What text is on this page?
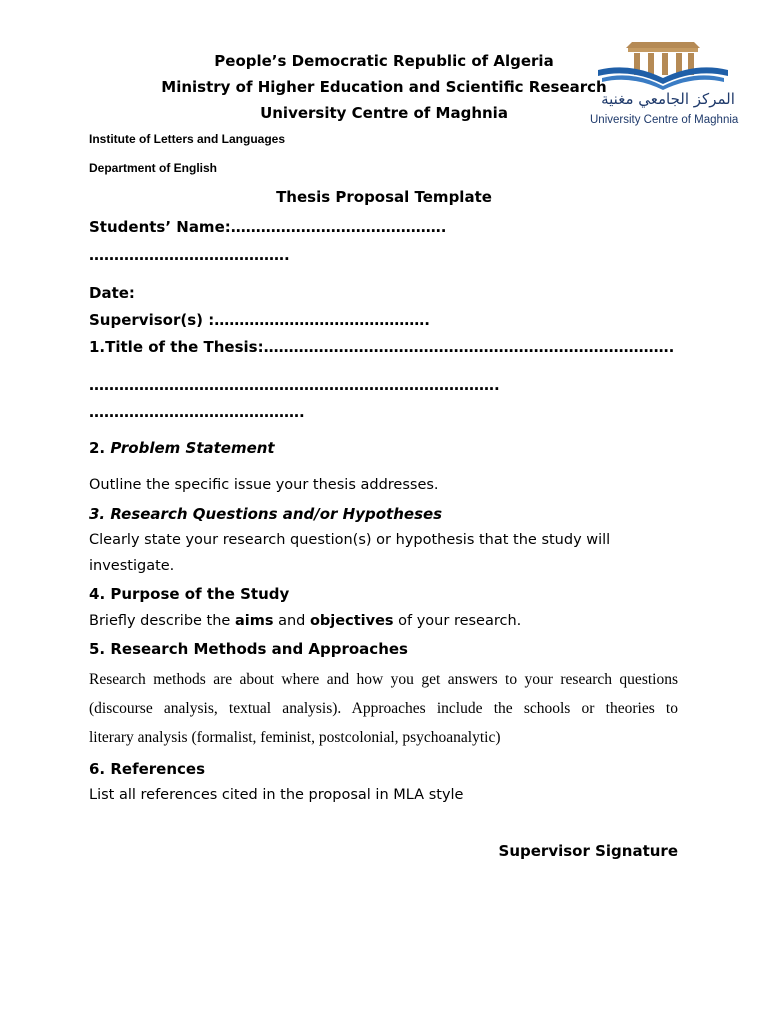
المركز الجامعي مغنية
University Centre of Maghnia
People’s Democratic Republic of Algeria
Ministry of Higher Education and Scientific Research
University Centre of Maghnia
Institute of Letters and Languages
Department of English
Thesis Proposal Template
Students’ Name:…………………………………….
………………………………….
Date:
Supervisor(s) :…………………………………….
1.Title of the Thesis:……………………………………………………………………….
……………………………………………………………………….
…………………………………….
2. Problem Statement
Outline the specific issue your thesis addresses.
3. Research Questions and/or Hypotheses
Clearly state your research question(s) or hypothesis that the study will
investigate.
4. Purpose of the Study
Briefly describe the aims and objectives of your research.
5. Research Methods and Approaches
Research methods are about where and how you get answers to your research questions
(discourse analysis, textual analysis). Approaches include the schools or theories to
literary analysis (formalist, feminist, postcolonial, psychoanalytic)
6. References
List all references cited in the proposal in MLA style
Supervisor Signature
